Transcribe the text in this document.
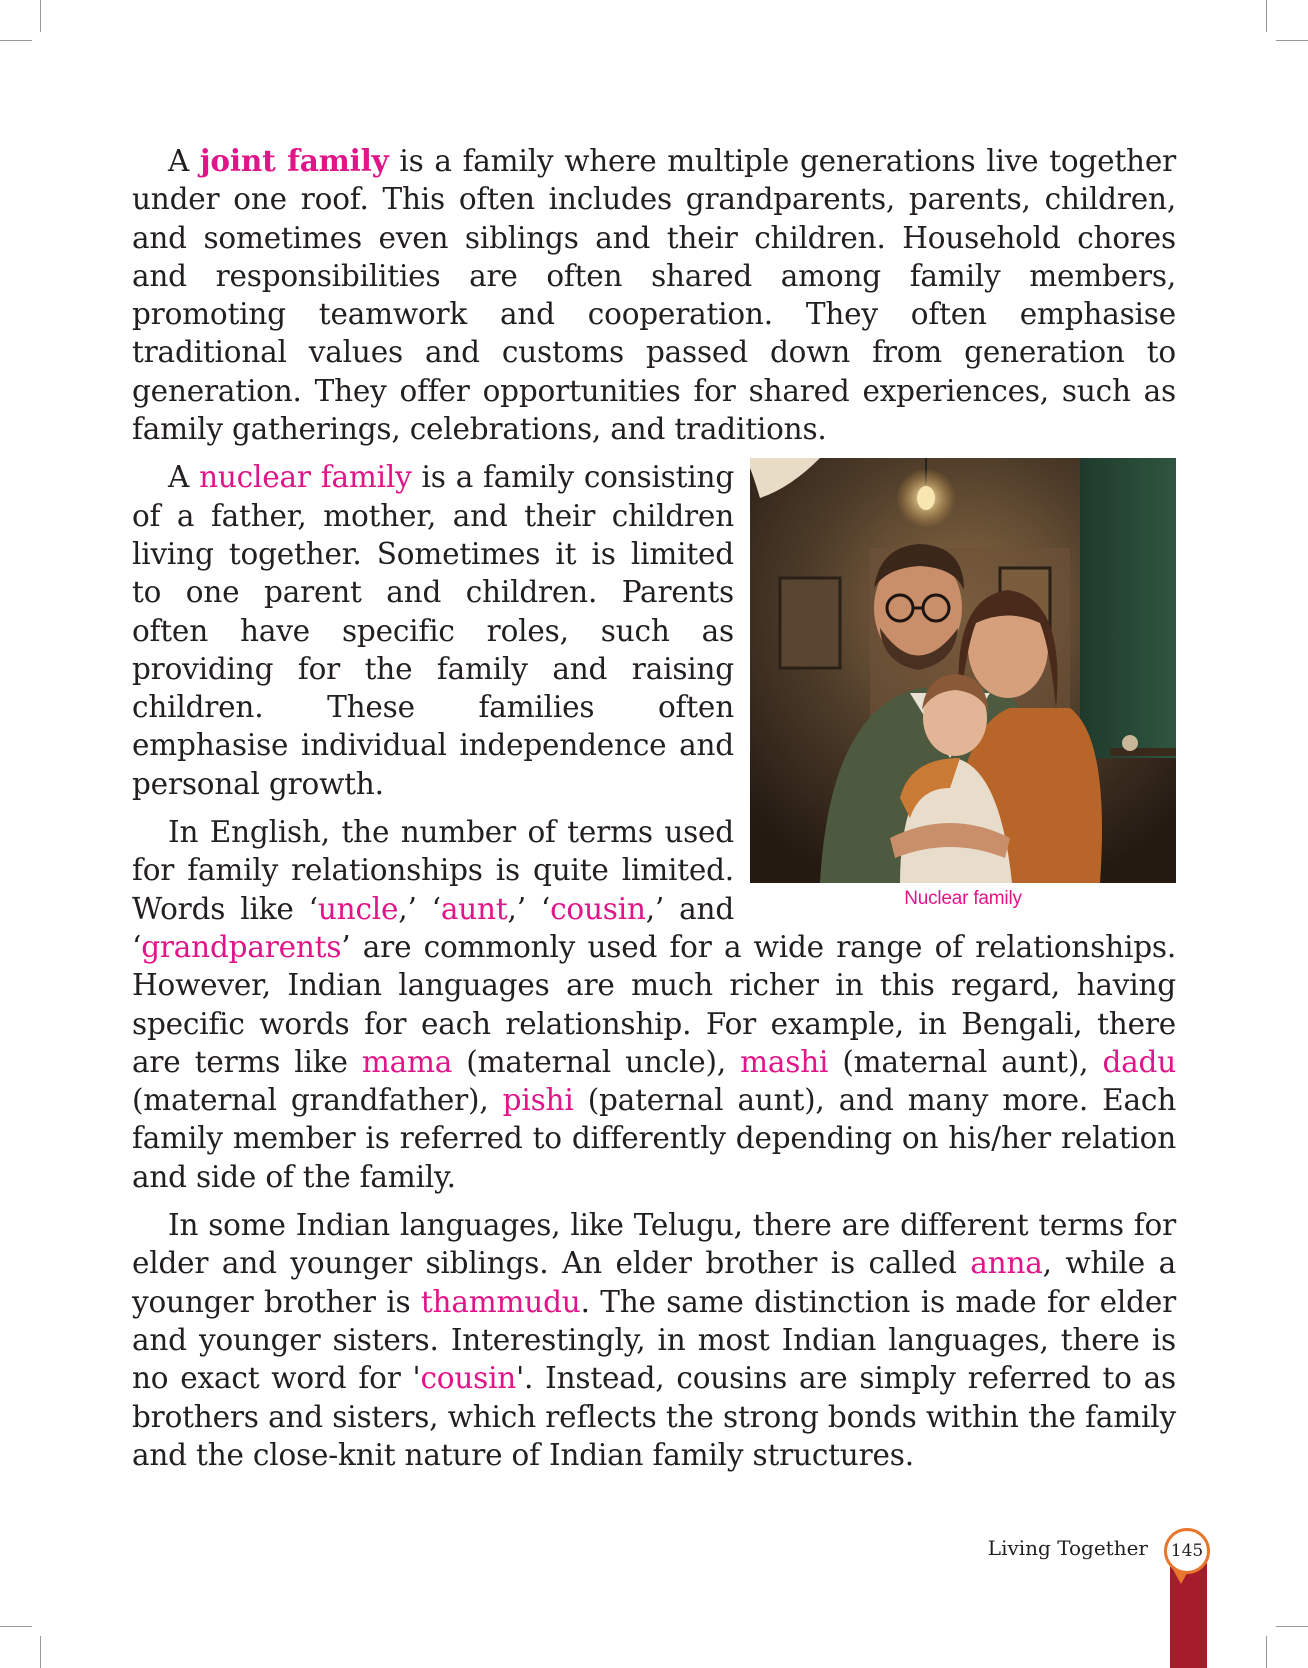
A joint family is a family where multiple generations live together under one roof. This often includes grandparents, parents, children, and sometimes even siblings and their children. Household chores and responsibilities are often shared among family members, promoting teamwork and cooperation. They often emphasise traditional values and customs passed down from generation to generation. They offer opportunities for shared experiences, such as family gatherings, celebrations, and traditions.

Nuclear family

A nuclear family is a family consisting of a father, mother, and their children living together. Sometimes it is limited to one parent and children. Parents often have specific roles, such as providing for the family and raising children. These families often emphasise individual independence and personal growth.

In English, the number of terms used for family relationships is quite limited. Words like ‘uncle,’ ‘aunt,’ ‘cousin,’ and ‘grandparents’ are commonly used for a wide range of relationships. However, Indian languages are much richer in this regard, having specific words for each relationship. For example, in Bengali, there are terms like mama (maternal uncle), mashi (maternal aunt), dadu (maternal grandfather), pishi (paternal aunt), and many more. Each family member is referred to differently depending on his/her relation and side of the family.

In some Indian languages, like Telugu, there are different terms for elder and younger siblings. An elder brother is called anna, while a younger brother is thammudu. The same distinction is made for elder and younger sisters. Interestingly, in most Indian languages, there is no exact word for 'cousin'. Instead, cousins are simply referred to as brothers and sisters, which reflects the strong bonds within the family and the close-knit nature of Indian family structures.

Living Together	145
